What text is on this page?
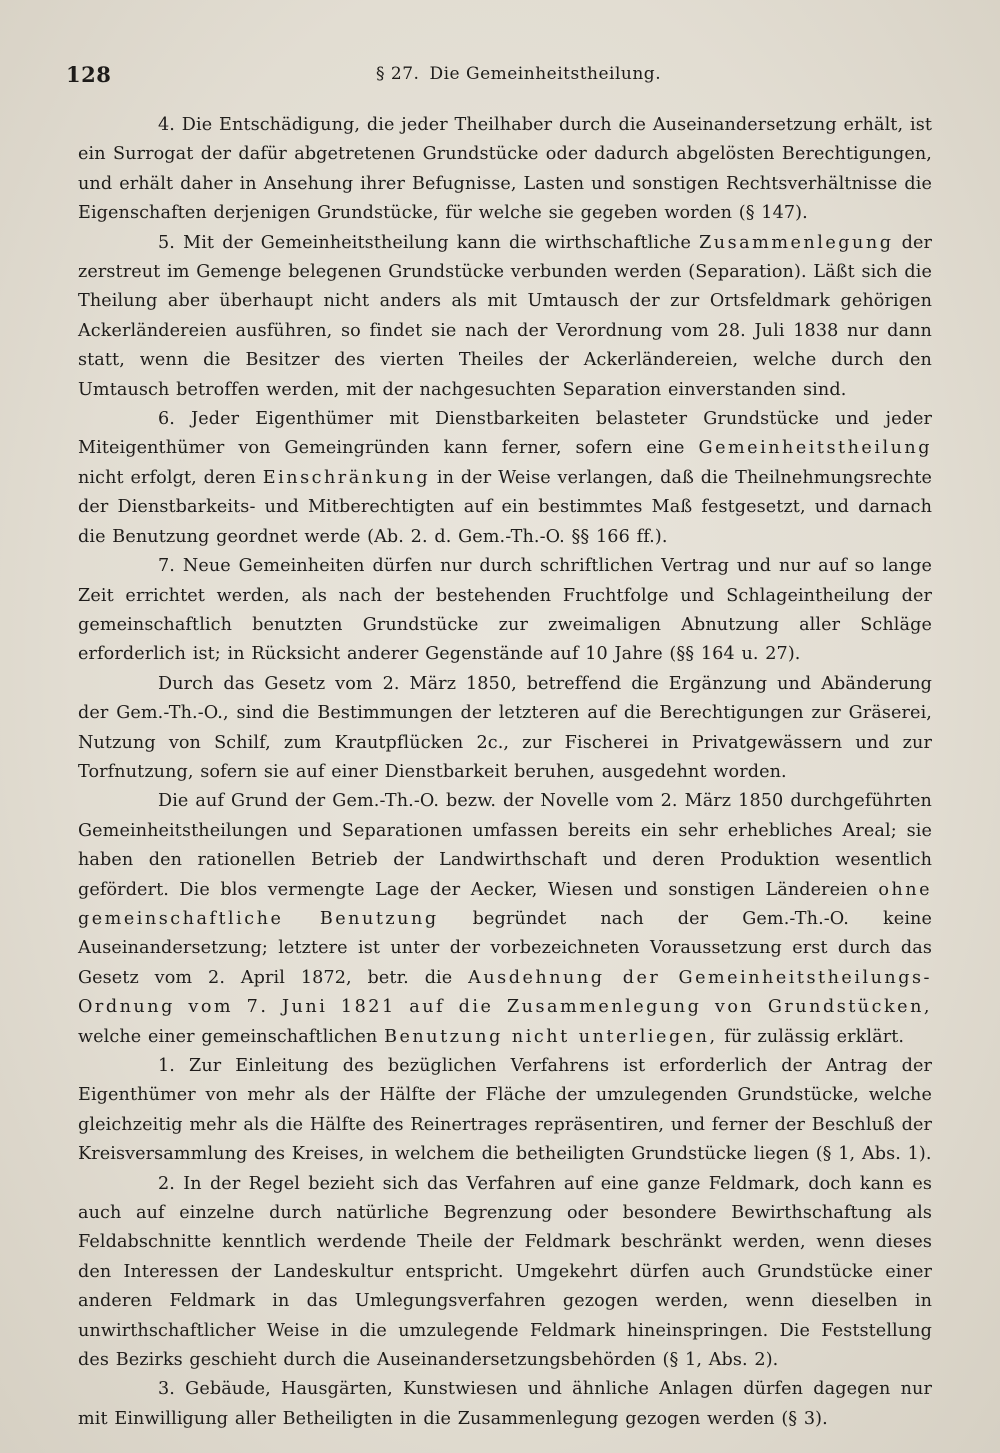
128	§ 27. Die Gemeinheitstheilung.

4. Die Entschädigung, die jeder Theilhaber durch die Auseinandersetzung erhält, ist ein Surrogat der dafür abgetretenen Grundstücke oder dadurch abgelösten Berechtigungen, und erhält daher in Ansehung ihrer Befugnisse, Lasten und sonstigen Rechtsverhältnisse die Eigenschaften derjenigen Grundstücke, für welche sie gegeben worden (§ 147).

5. Mit der Gemeinheitstheilung kann die wirthschaftliche Zusammenlegung der zerstreut im Gemenge belegenen Grundstücke verbunden werden (Separation). Läßt sich die Theilung aber überhaupt nicht anders als mit Umtausch der zur Ortsfeldmark gehörigen Ackerländereien ausführen, so findet sie nach der Verordnung vom 28. Juli 1838 nur dann statt, wenn die Besitzer des vierten Theiles der Ackerländereien, welche durch den Umtausch betroffen werden, mit der nachgesuchten Separation einverstanden sind.

6. Jeder Eigenthümer mit Dienstbarkeiten belasteter Grundstücke und jeder Miteigenthümer von Gemeingründen kann ferner, sofern eine Gemeinheitstheilung nicht erfolgt, deren Einschränkung in der Weise verlangen, daß die Theilnehmungsrechte der Dienstbarkeits- und Mitberechtigten auf ein bestimmtes Maß festgesetzt, und darnach die Benutzung geordnet werde (Ab. 2. d. Gem.-Th.-O. §§ 166 ff.).

7. Neue Gemeinheiten dürfen nur durch schriftlichen Vertrag und nur auf so lange Zeit errichtet werden, als nach der bestehenden Fruchtfolge und Schlageintheilung der gemeinschaftlich benutzten Grundstücke zur zweimaligen Abnutzung aller Schläge erforderlich ist; in Rücksicht anderer Gegenstände auf 10 Jahre (§§ 164 u. 27).

Durch das Gesetz vom 2. März 1850, betreffend die Ergänzung und Abänderung der Gem.-Th.-O., sind die Bestimmungen der letzteren auf die Berechtigungen zur Gräserei, Nutzung von Schilf, zum Krautpflücken 2c., zur Fischerei in Privatgewässern und zur Torfnutzung, sofern sie auf einer Dienstbarkeit beruhen, ausgedehnt worden.

Die auf Grund der Gem.-Th.-O. bezw. der Novelle vom 2. März 1850 durchgeführten Gemeinheitstheilungen und Separationen umfassen bereits ein sehr erhebliches Areal; sie haben den rationellen Betrieb der Landwirthschaft und deren Produktion wesentlich gefördert. Die blos vermengte Lage der Aecker, Wiesen und sonstigen Ländereien ohne gemeinschaftliche Benutzung begründet nach der Gem.-Th.-O. keine Auseinandersetzung; letztere ist unter der vorbezeichneten Voraussetzung erst durch das Gesetz vom 2. April 1872, betr. die Ausdehnung der Gemeinheitstheilungs-Ordnung vom 7. Juni 1821 auf die Zusammenlegung von Grundstücken, welche einer gemeinschaftlichen Benutzung nicht unterliegen, für zulässig erklärt.

1. Zur Einleitung des bezüglichen Verfahrens ist erforderlich der Antrag der Eigenthümer von mehr als der Hälfte der Fläche der umzulegenden Grundstücke, welche gleichzeitig mehr als die Hälfte des Reinertrages repräsentiren, und ferner der Beschluß der Kreisversammlung des Kreises, in welchem die betheiligten Grundstücke liegen (§ 1, Abs. 1).

2. In der Regel bezieht sich das Verfahren auf eine ganze Feldmark, doch kann es auch auf einzelne durch natürliche Begrenzung oder besondere Bewirthschaftung als Feldabschnitte kenntlich werdende Theile der Feldmark beschränkt werden, wenn dieses den Interessen der Landeskultur entspricht. Umgekehrt dürfen auch Grundstücke einer anderen Feldmark in das Umlegungsverfahren gezogen werden, wenn dieselben in unwirthschaftlicher Weise in die umzulegende Feldmark hineinspringen. Die Feststellung des Bezirks geschieht durch die Auseinandersetzungsbehörden (§ 1, Abs. 2).

3. Gebäude, Hausgärten, Kunstwiesen und ähnliche Anlagen dürfen dagegen nur mit Einwilligung aller Betheiligten in die Zusammenlegung gezogen werden (§ 3).
